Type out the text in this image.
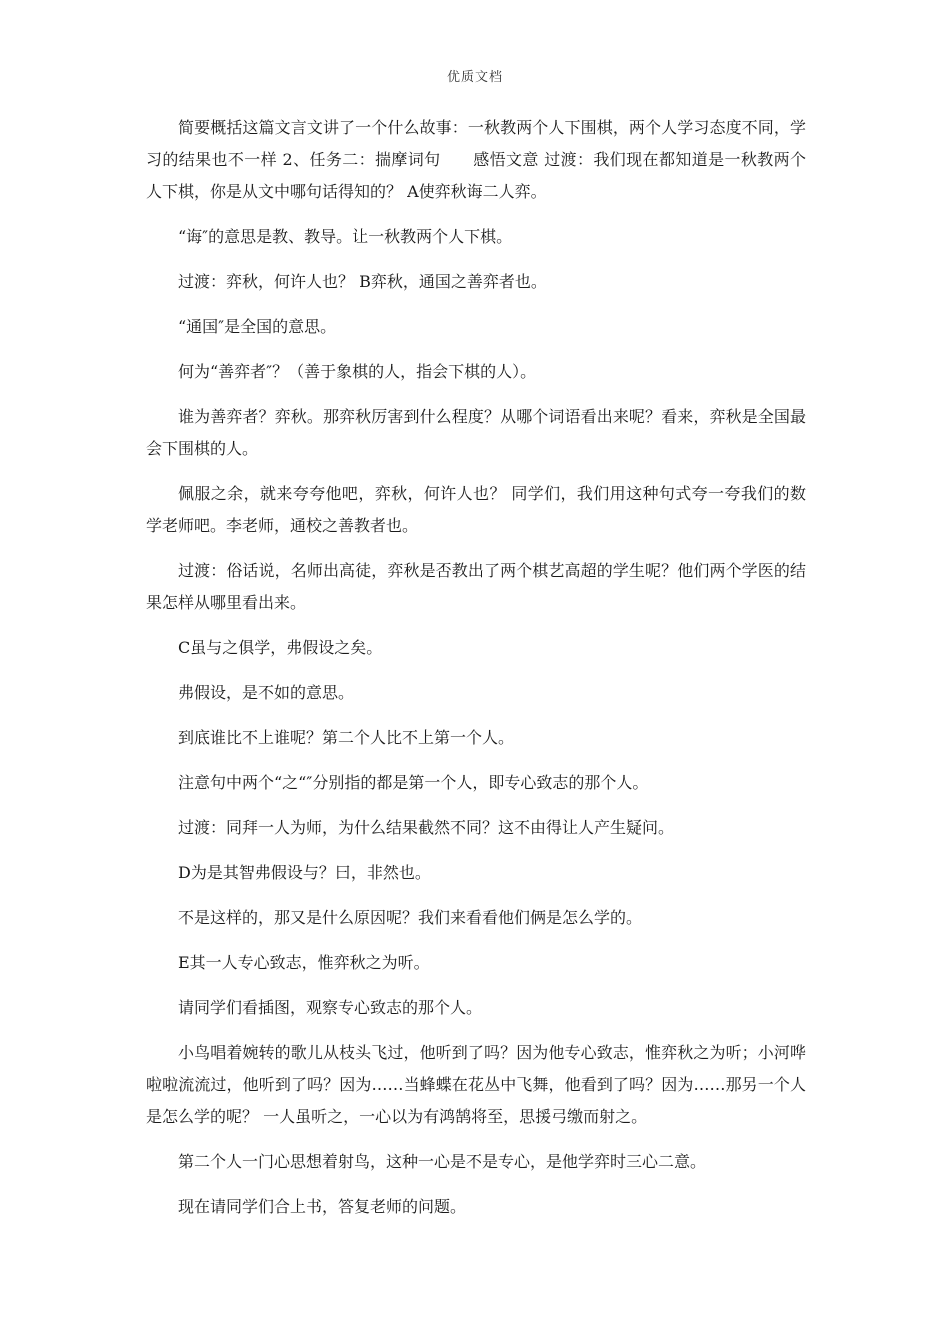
优质文档

简要概括这篇文言文讲了一个什么故事：一秋教两个人下围棋，两个人学习态度不同，学习的结果也不一样 2、任务二：揣摩词句　　感悟文意 过渡：我们现在都知道是一秋教两个人下棋，你是从文中哪句话得知的？ A使弈秋诲二人弈。

“诲″的意思是教、教导。让一秋教两个人下棋。

过渡：弈秋，何许人也？ B弈秋，通国之善弈者也。

“通国″是全国的意思。

何为“善弈者″？（善于象棋的人，指会下棋的人）。

谁为善弈者？弈秋。那弈秋厉害到什么程度？从哪个词语看出来呢？看来，弈秋是全国最会下围棋的人。

佩服之余，就来夸夸他吧，弈秋，何许人也？ 同学们，我们用这种句式夸一夸我们的数学老师吧。李老师，通校之善教者也。

过渡：俗话说，名师出高徒，弈秋是否教出了两个棋艺高超的学生呢？他们两个学医的结果怎样从哪里看出来。

C虽与之俱学，弗假设之矣。

弗假设，是不如的意思。

到底谁比不上谁呢？第二个人比不上第一个人。

注意句中两个“之“″分别指的都是第一个人，即专心致志的那个人。

过渡：同拜一人为师，为什么结果截然不同？这不由得让人产生疑问。

D为是其智弗假设与？曰，非然也。

不是这样的，那又是什么原因呢？我们来看看他们俩是怎么学的。

E其一人专心致志，惟弈秋之为听。

请同学们看插图，观察专心致志的那个人。

小鸟唱着婉转的歌儿从枝头飞过，他听到了吗？因为他专心致志，惟弈秋之为听；小河哗啦啦流流过，他听到了吗？因为……当蜂蝶在花丛中飞舞，他看到了吗？因为……那另一个人是怎么学的呢？ 一人虽听之，一心以为有鸿鹄将至，思援弓缴而射之。

第二个人一门心思想着射鸟，这种一心是不是专心，是他学弈时三心二意。

现在请同学们合上书，答复老师的问题。
